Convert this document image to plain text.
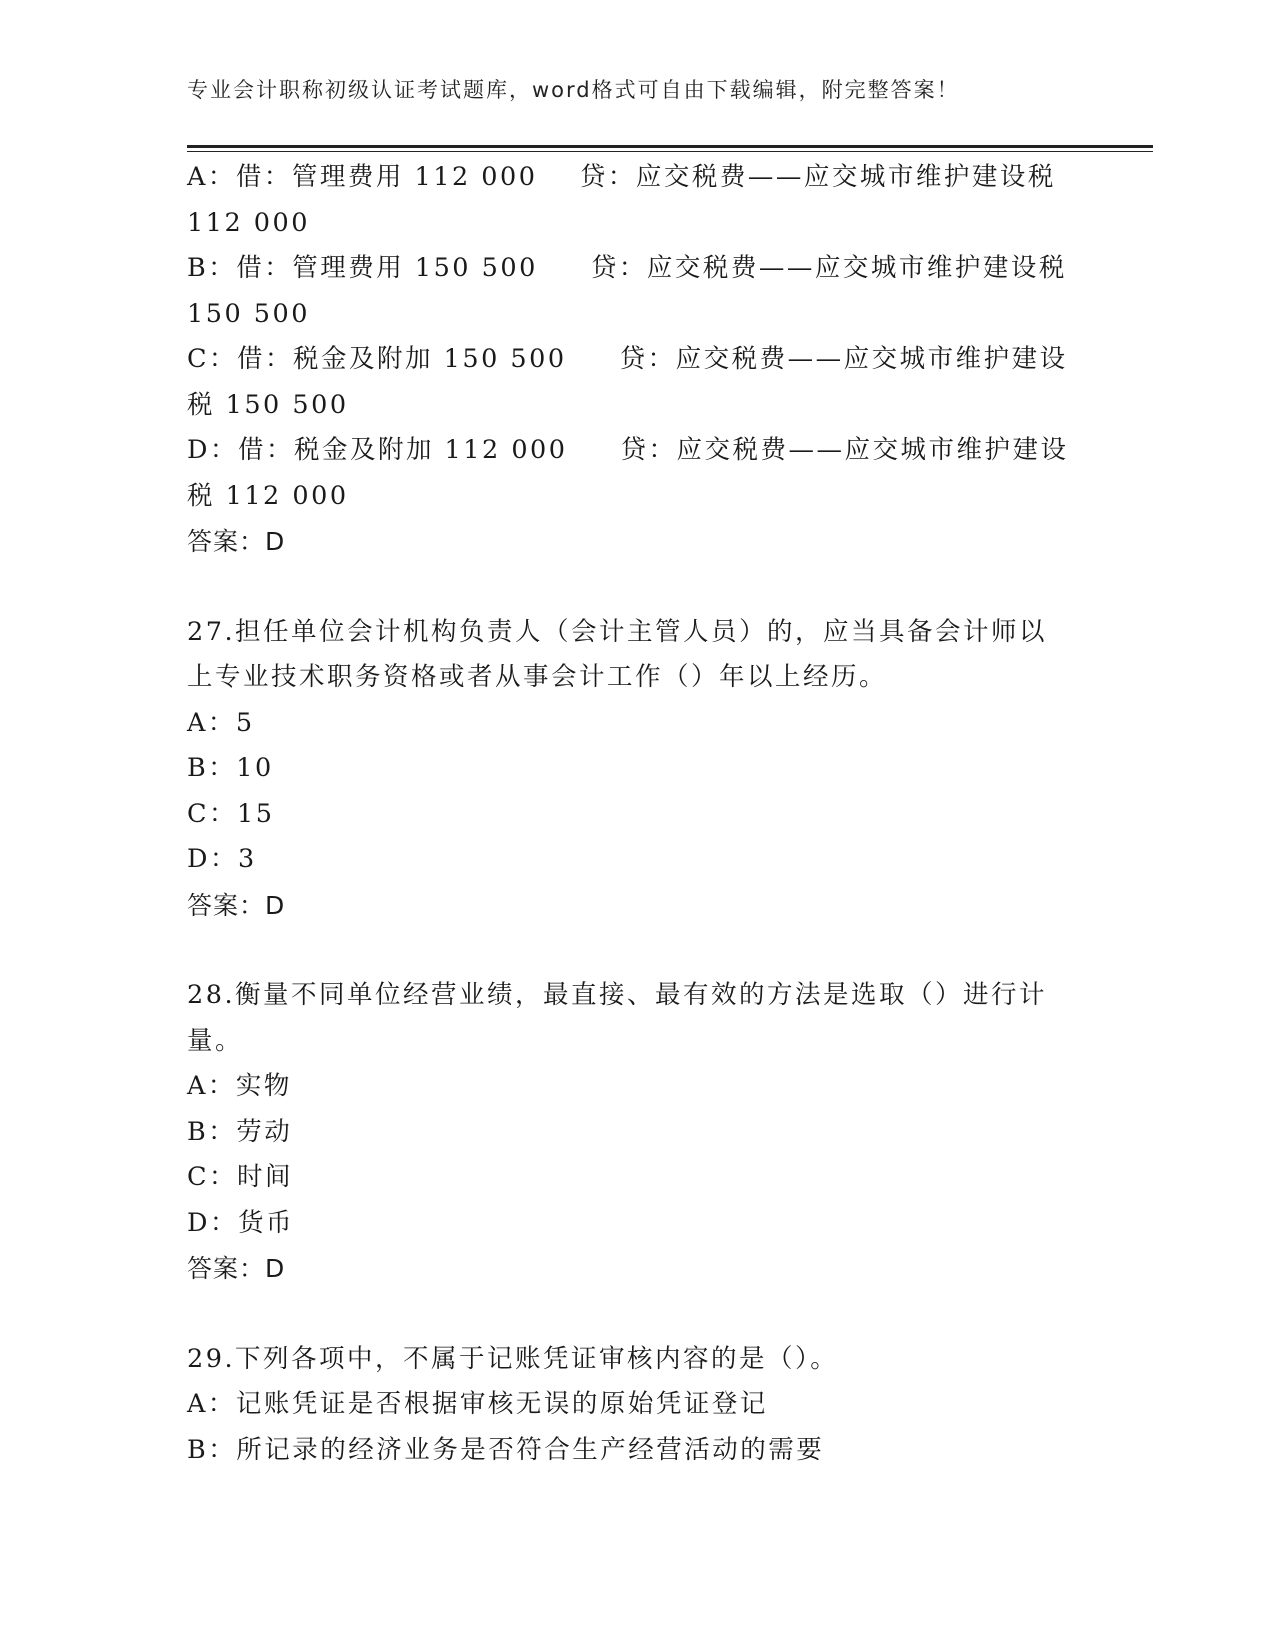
专业会计职称初级认证考试题库，word格式可自由下载编辑，附完整答案！
A：借：管理费用 112 000    贷：应交税费——应交城市维护建设税
112 000
B：借：管理费用 150 500     贷：应交税费——应交城市维护建设税
150 500
C：借：税金及附加 150 500     贷：应交税费——应交城市维护建设
税 150 500
D：借：税金及附加 112 000     贷：应交税费——应交城市维护建设
税 112 000
答案：D
27.担任单位会计机构负责人（会计主管人员）的，应当具备会计师以
上专业技术职务资格或者从事会计工作（）年以上经历。
A：5
B：10
C：15
D：3
答案：D
28.衡量不同单位经营业绩，最直接、最有效的方法是选取（）进行计
量。
A：实物
B：劳动
C：时间
D：货币
答案：D
29.下列各项中，不属于记账凭证审核内容的是（）。
A：记账凭证是否根据审核无误的原始凭证登记
B：所记录的经济业务是否符合生产经营活动的需要
